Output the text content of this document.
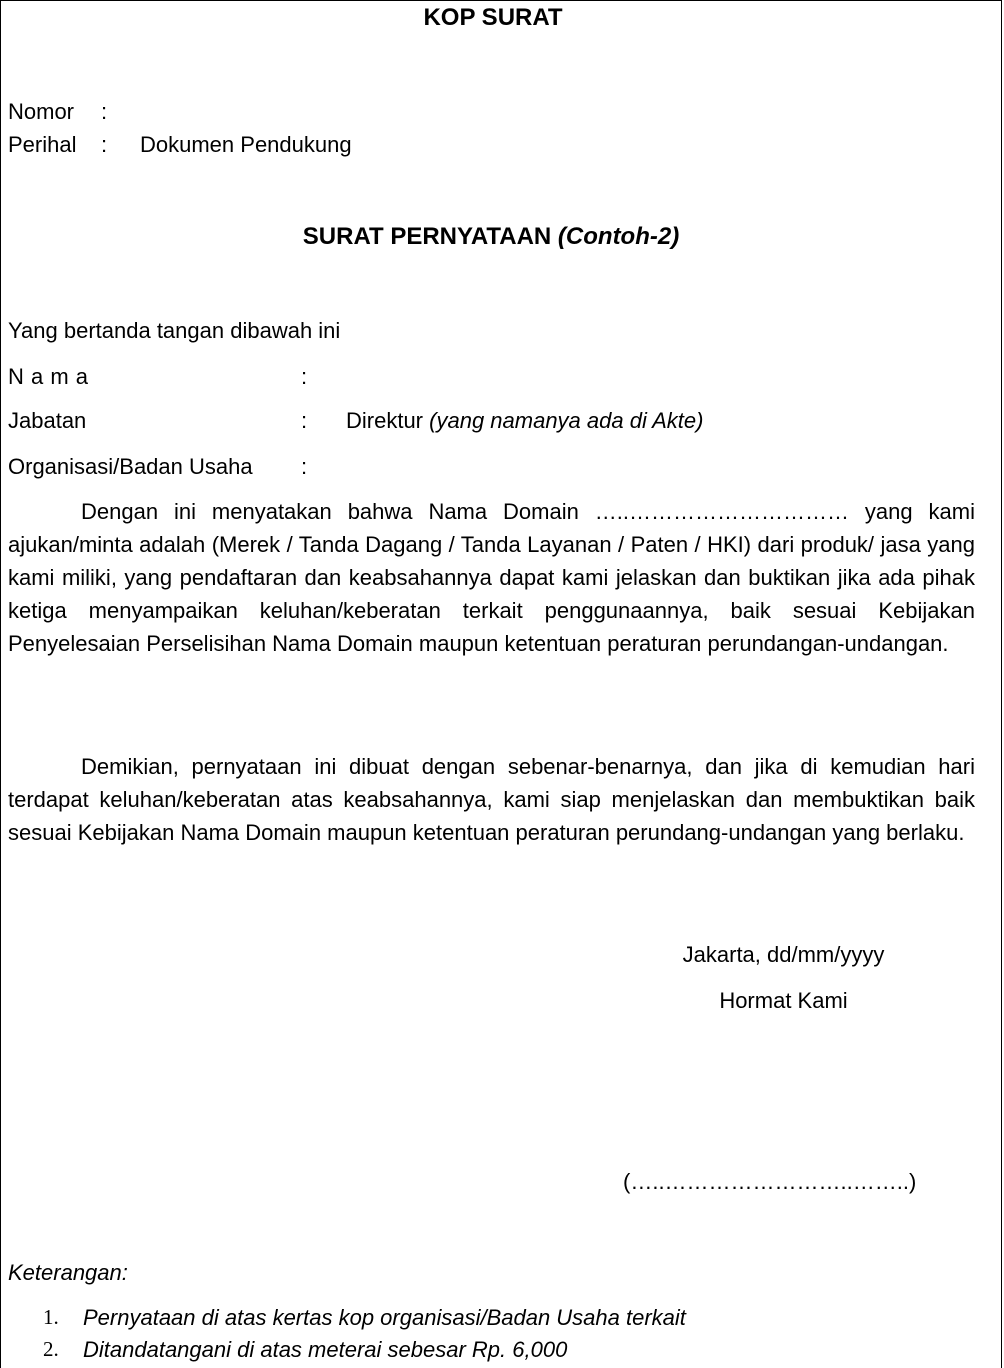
KOP SURAT
Nomor :
Perihal : Dokumen Pendukung
SURAT PERNYATAAN (Contoh-2)
Yang bertanda tangan dibawah ini
N a m a	:
Jabatan	: Direktur (yang namanya ada di Akte)
Organisasi/Badan Usaha :
Dengan ini menyatakan bahwa Nama Domain …..………………………… yang kami ajukan/minta adalah (Merek / Tanda Dagang / Tanda Layanan / Paten / HKI) dari produk/ jasa yang kami miliki, yang pendaftaran dan keabsahannya dapat kami jelaskan dan buktikan jika ada pihak ketiga menyampaikan keluhan/keberatan terkait penggunaannya, baik sesuai Kebijakan Penyelesaian Perselisihan Nama Domain maupun ketentuan peraturan perundangan-undangan.
Demikian, pernyataan ini dibuat dengan sebenar-benarnya, dan jika di kemudian hari terdapat keluhan/keberatan atas keabsahannya, kami siap menjelaskan dan membuktikan baik sesuai Kebijakan Nama Domain maupun ketentuan peraturan perundang-undangan yang berlaku.
Jakarta, dd/mm/yyyy
Hormat Kami
(…..……………………..……..)
Keterangan:
1. Pernyataan di atas kertas kop organisasi/Badan Usaha terkait
2. Ditandatangani di atas meterai sebesar Rp. 6,000
